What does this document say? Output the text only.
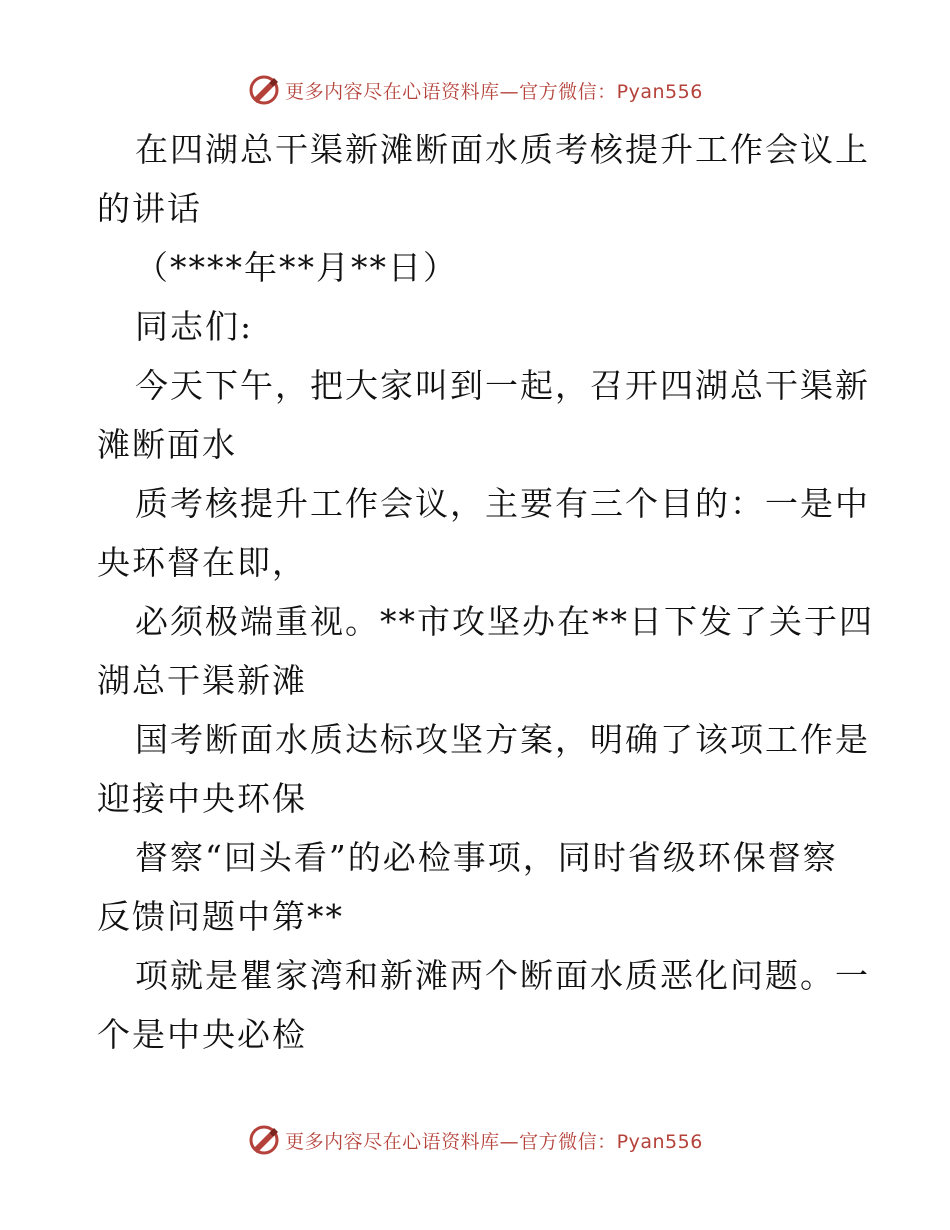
更多内容尽在心语资料库—官方微信：Pyan556
在四湖总干渠新滩断面水质考核提升工作会议上
的讲话
（****年**月**日）
同志们:
今天下午，把大家叫到一起，召开四湖总干渠新
滩断面水
质考核提升工作会议，主要有三个目的：一是中
央环督在即，
必须极端重视。**市攻坚办在**日下发了关于四
湖总干渠新滩
国考断面水质达标攻坚方案，明确了该项工作是
迎接中央环保
督察“回头看”的必检事项，同时省级环保督察
反馈问题中第**
项就是瞿家湾和新滩两个断面水质恶化问题。一
个是中央必检
更多内容尽在心语资料库—官方微信：Pyan556
